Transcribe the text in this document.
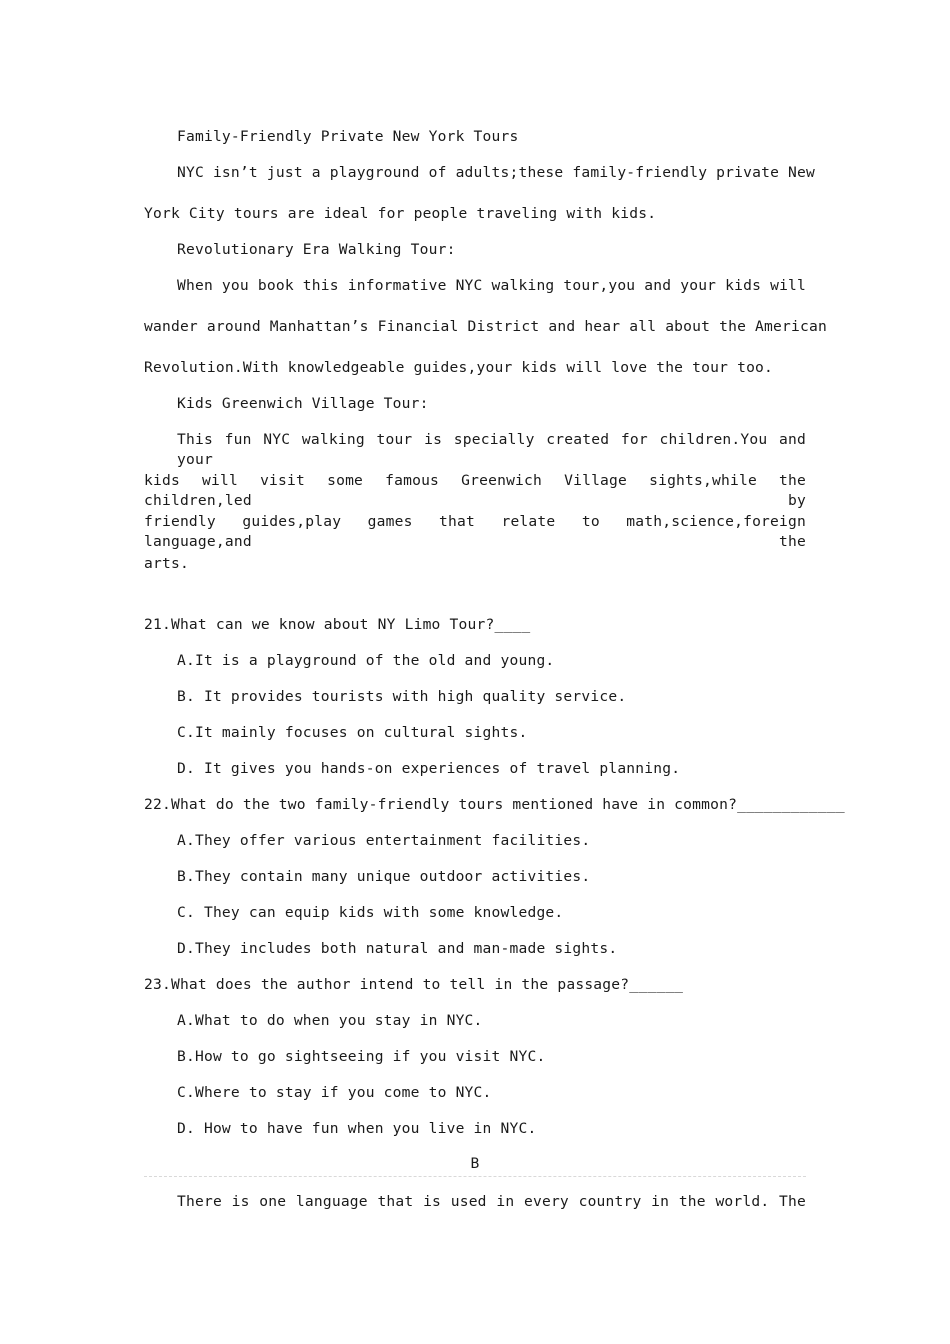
Family-Friendly Private New York Tours
NYC isn’t just a playground of adults;these family-friendly private New
York City tours are ideal for people traveling with kids.
Revolutionary Era Walking Tour:
When you book this informative NYC walking tour,you and your kids will
wander around Manhattan’s Financial District and hear all about the American
Revolution.With knowledgeable guides,your kids will love the tour too.
Kids Greenwich Village Tour:
This fun NYC walking tour is specially created for children.You and your
kids will visit some famous Greenwich Village sights,while the children,led by
friendly guides,play games that relate to math,science,foreign language,and the
arts.
21.What can we know about NY Limo Tour?____
A.It is a playground of the old and young.
B. It provides tourists with high quality service.
C.It mainly focuses on cultural sights.
D. It gives you hands-on experiences of travel planning.
22.What do the two family-friendly tours mentioned have in common?____________
A.They offer various entertainment facilities.
B.They contain many unique outdoor activities.
C. They can equip kids with some knowledge.
D.They includes both natural and man-made sights.
23.What does the author intend to tell in the passage?______
A.What to do when you stay in NYC.
B.How to go sightseeing if you visit NYC.
C.Where to stay if you come to NYC.
D. How to have fun when you live in NYC.
B
There is one language that is used in every country in the world. The
